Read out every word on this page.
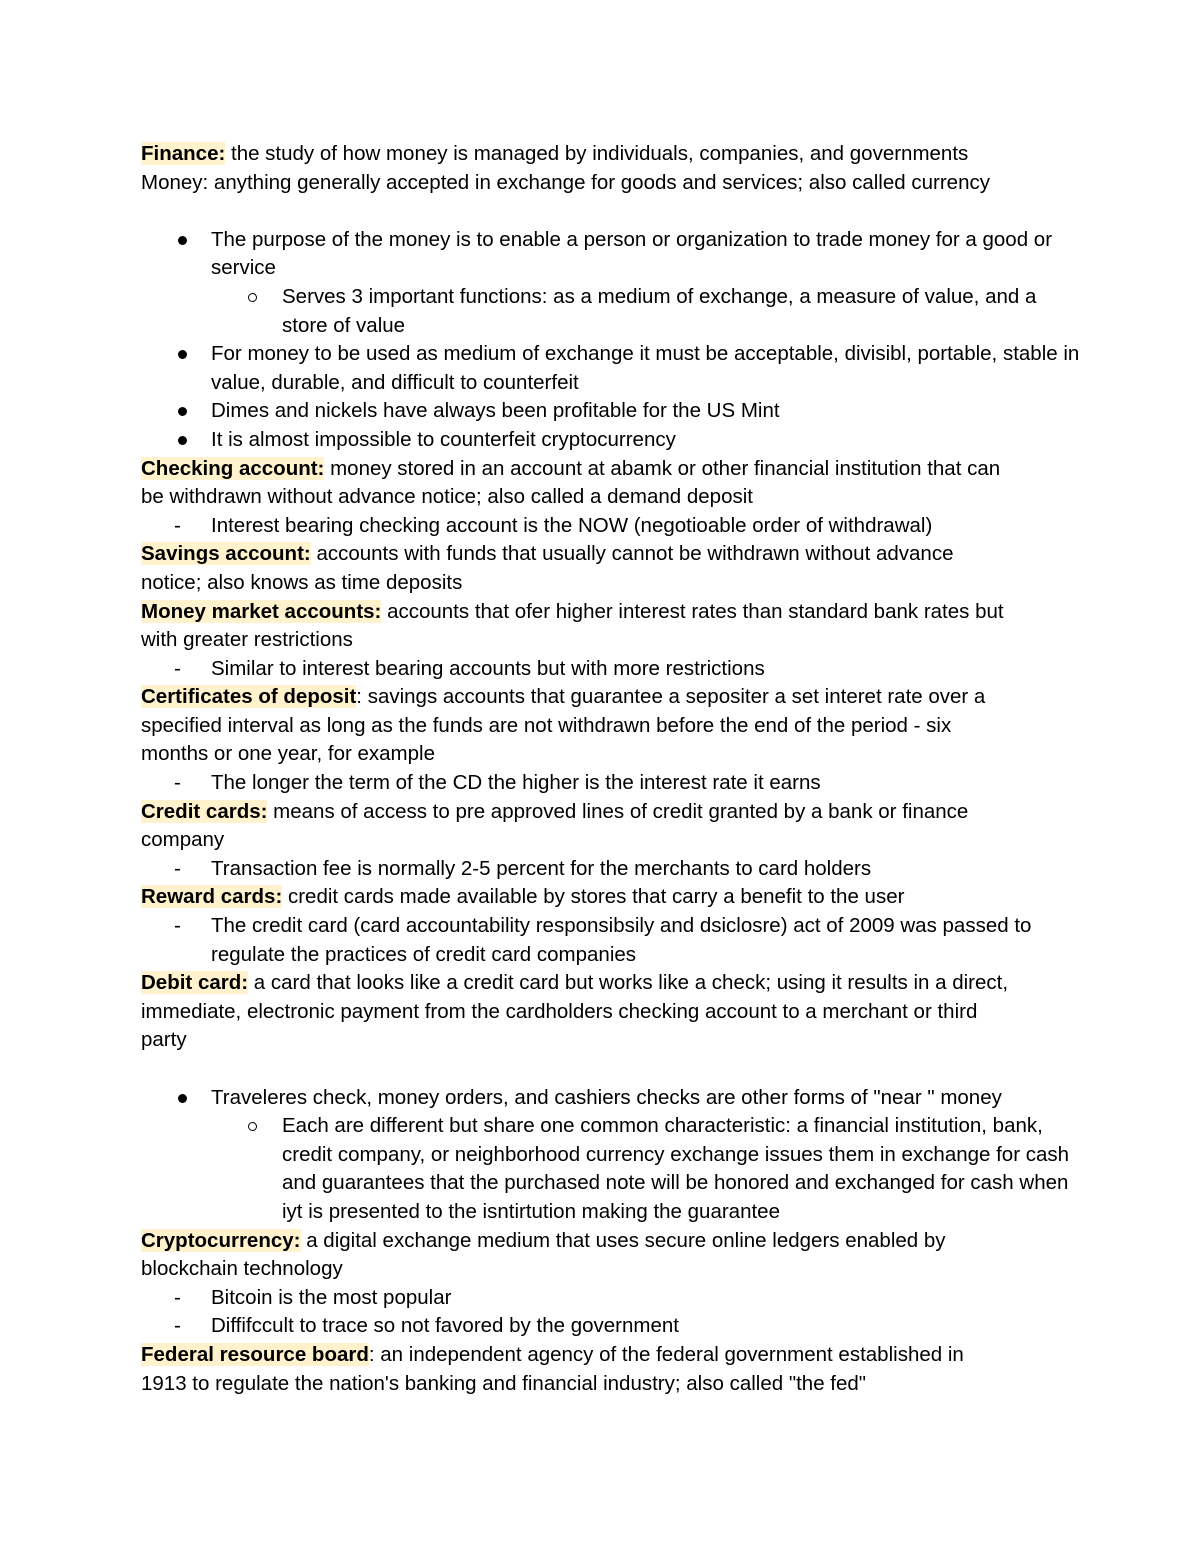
Finance: the study of how money is managed by individuals, companies, and governments

Money: anything generally accepted in exchange for goods and services; also called currency

The purpose of the money is to enable a person or organization to trade money for a good or service

Serves 3 important functions: as a medium of exchange, a measure of value, and a store of value

For money to be used as medium of exchange it must be acceptable, divisibl, portable, stable in value, durable, and difficult to counterfeit

Dimes and nickels have always been profitable for the US Mint

It is almost impossible to counterfeit cryptocurrency

Checking account: money stored in an account at abamk or other financial institution that can

be withdrawn without advance notice; also called a demand deposit

- Interest bearing checking account is the NOW (negotioable order of withdrawal)

Savings account: accounts with funds that usually cannot be withdrawn without advance

notice; also knows as time deposits

Money market accounts: accounts that ofer higher interest rates than standard bank rates but

with greater restrictions

- Similar to interest bearing accounts but with more restrictions

Certificates of deposit: savings accounts that guarantee a sepositer a set interet rate over a

specified interval as long as the funds are not withdrawn before the end of the period - six

months or one year, for example

- The longer the term of the CD the higher is the interest rate it earns

Credit cards: means of access to pre approved lines of credit granted by a bank or finance

company

- Transaction fee is normally 2-5 percent for the merchants to card holders

Reward cards: credit cards made available by stores that carry a benefit to the user

- The credit card (card accountability responsibsily and dsiclosre) act of 2009 was passed to regulate the practices of credit card companies

Debit card: a card that looks like a credit card but works like a check; using it results in a direct,

immediate, electronic payment from the cardholders checking account to a merchant or third

party

Traveleres check, money orders, and cashiers checks are other forms of "near " money

Each are different but share one common characteristic: a financial institution, bank, credit company, or neighborhood currency exchange issues them in exchange for cash and guarantees that the purchased note will be honored and exchanged for cash when iyt is presented to the isntirtution making the guarantee

Cryptocurrency: a digital exchange medium that uses secure online ledgers enabled by

blockchain technology

- Bitcoin is the most popular

- Diffifccult to trace so not favored by the government

Federal resource board: an independent agency of the federal government established in

1913 to regulate the nation's banking and financial industry; also called "the fed"
